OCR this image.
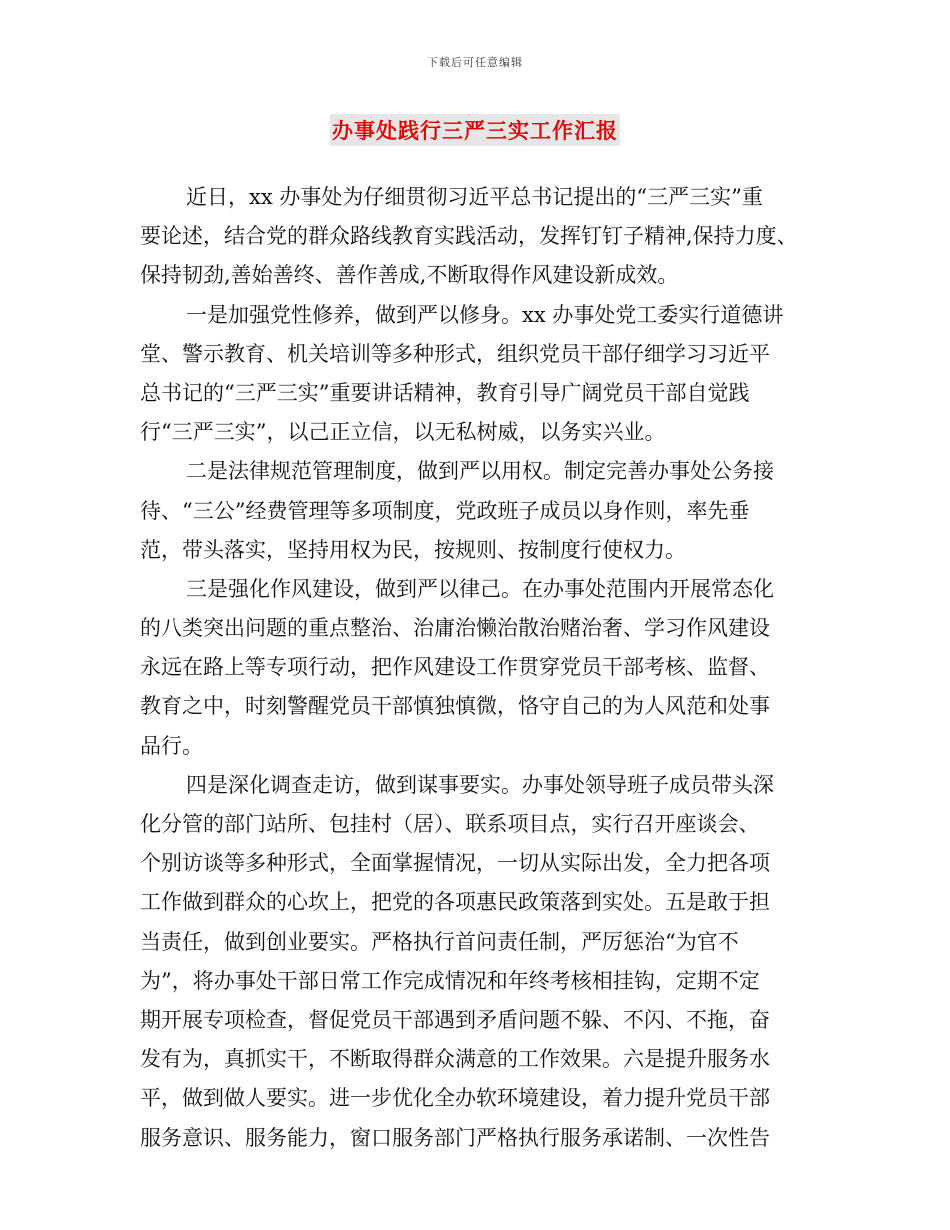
下载后可任意编辑
办事处践行三严三实工作汇报
近日，xx 办事处为仔细贯彻习近平总书记提出的“三严三实”重
要论述，结合党的群众路线教育实践活动，发挥钉钉子精神,保持力度、
保持韧劲,善始善终、善作善成,不断取得作风建设新成效。
一是加强党性修养，做到严以修身。xx 办事处党工委实行道德讲
堂、警示教育、机关培训等多种形式，组织党员干部仔细学习习近平
总书记的“三严三实”重要讲话精神，教育引导广阔党员干部自觉践
行“三严三实”，以己正立信，以无私树威，以务实兴业。
二是法律规范管理制度，做到严以用权。制定完善办事处公务接
待、“三公”经费管理等多项制度，党政班子成员以身作则，率先垂
范，带头落实，坚持用权为民，按规则、按制度行使权力。
三是强化作风建设，做到严以律己。在办事处范围内开展常态化
的八类突出问题的重点整治、治庸治懒治散治赌治奢、学习作风建设
永远在路上等专项行动，把作风建设工作贯穿党员干部考核、监督、
教育之中，时刻警醒党员干部慎独慎微，恪守自己的为人风范和处事
品行。
四是深化调查走访，做到谋事要实。办事处领导班子成员带头深
化分管的部门站所、包挂村（居）、联系项目点，实行召开座谈会、
个别访谈等多种形式，全面掌握情况，一切从实际出发，全力把各项
工作做到群众的心坎上，把党的各项惠民政策落到实处。五是敢于担
当责任，做到创业要实。严格执行首问责任制，严厉惩治“为官不
为”，将办事处干部日常工作完成情况和年终考核相挂钩，定期不定
期开展专项检查，督促党员干部遇到矛盾问题不躲、不闪、不拖，奋
发有为，真抓实干，不断取得群众满意的工作效果。六是提升服务水
平，做到做人要实。进一步优化全办软环境建设，着力提升党员干部
服务意识、服务能力，窗口服务部门严格执行服务承诺制、一次性告
